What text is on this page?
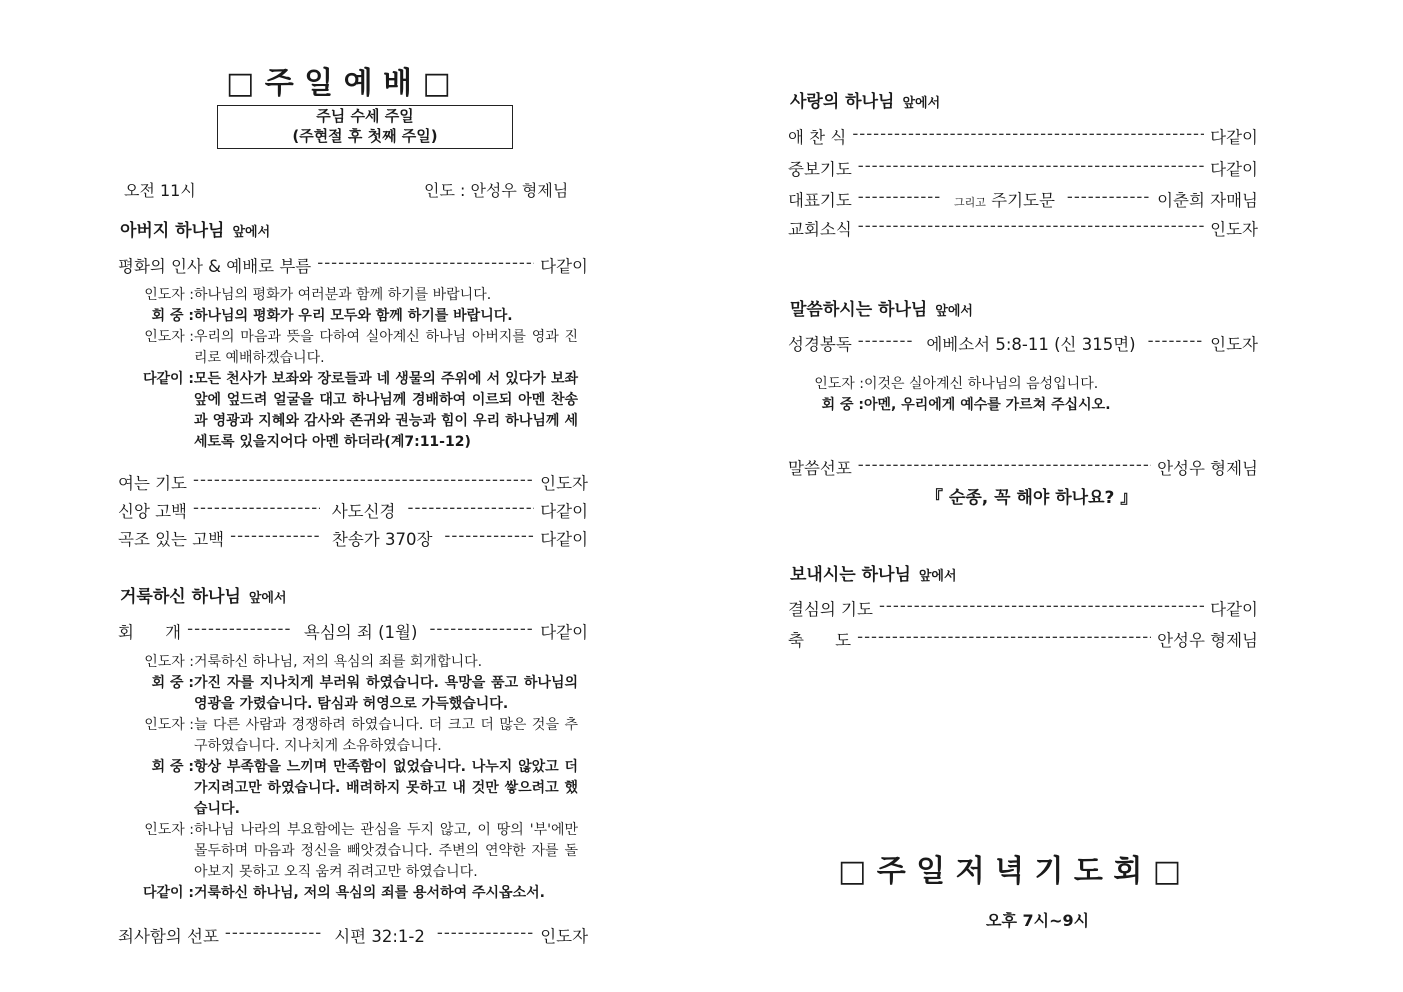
□ 주 일 예 배 □
주님 수세 주일
(주현절 후 첫째 주일)
오전 11시	인도 : 안성우 형제님
아버지 하나님 앞에서
평화의 인사 & 예배로 부름 -----	다같이
인도자 : 하나님의 평화가 여러분과 함께 하기를 바랍니다.
회 중 : 하나님의 평화가 우리 모두와 함께 하기를 바랍니다.
인도자 : 우리의 마음과 뜻을 다하여 실아계신 하나님 아버지를 영과 진리로 예배하겠습니다.
다같이 : 모든 천사가 보좌와 장로들과 네 생물의 주위에 서 있다가 보좌 앞에 엎드려 얼굴을 대고 하나님께 경배하여 이르되 아멘 찬송과 영광과 지혜와 감사와 존귀와 권능과 힘이 우리 하나님께 세세토록 있을지어다 아멘 하더라(계7:11-12)
여는 기도 -----	인도자
신앙 고백 -----	사도신경 -----	다같이
곡조 있는 고백 -----	찬송가 370장 -----	다같이
거룩하신 하나님 앞에서
회 개 -----	욕심의 죄 (1월) -----	다같이
인도자 : 거룩하신 하나님, 저의 욕심의 죄를 회개합니다.
회 중 : 가진 자를 지나치게 부러워 하였습니다. 욕망을 품고 하나님의 영광을 가렸습니다. 탐심과 허영으로 가득했습니다.
인도자 : 늘 다른 사람과 경쟁하려 하였습니다. 더 크고 더 많은 것을 추구하였습니다. 지나치게 소유하였습니다.
회 중 : 항상 부족함을 느끼며 만족함이 없었습니다. 나누지 않았고 더 가지려고만 하였습니다. 배려하지 못하고 내 것만 쌓으려고 했습니다.
인도자 : 하나님 나라의 부요함에는 관심을 두지 않고, 이 땅의 '부'에만 몰두하며 마음과 정신을 빼앗겼습니다. 주변의 연약한 자를 돌아보지 못하고 오직 움켜 쥐려고만 하였습니다.
다같이 : 거룩하신 하나님, 저의 욕심의 죄를 용서하여 주시옵소서.
죄사함의 선포 -----	시편 32:1-2 -----	인도자
사랑의 하나님 앞에서
애 찬 식 -----	다같이
중보기도 -----	다같이
대표기도 -----	그리고 주기도문 -----	이춘희 자매님
교회소식 -----	인도자
말씀하시는 하나님 앞에서
성경봉독 -----	에베소서 5:8-11 (신 315면) -----	인도자
인도자 : 이것은 실아계신 하나님의 음성입니다.
회 중 : 아멘, 우리에게 예수를 가르쳐 주십시오.
말씀선포 -----	안성우 형제님
『 순종, 꼭 해야 하나요? 』
보내시는 하나님 앞에서
결심의 기도 -----	다같이
축 도 -----	안성우 형제님
□ 주 일 저 녁 기 도 회 □
오후 7시~9시
